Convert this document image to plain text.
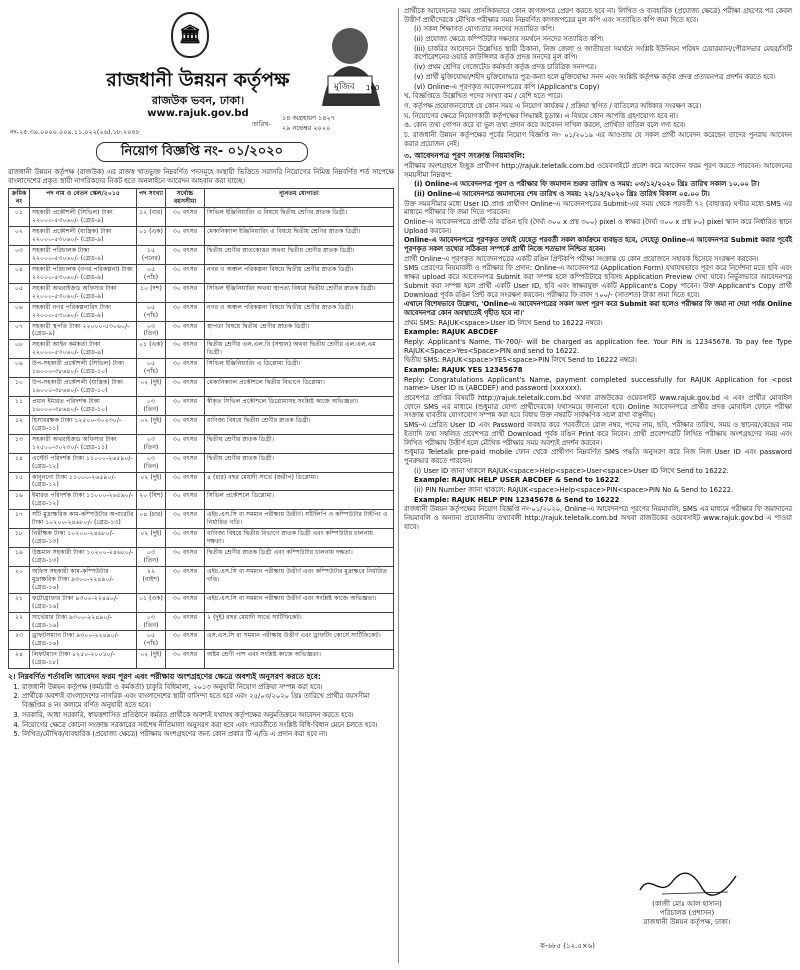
🏛
রাজধানী উন্নয়ন কর্তৃপক্ষ
রাজউক ভবন, ঢাকা।
www.rajuk.gov.bd
মুজিব 100
নং-২৫.৩৯.০০০০.০০৯.১১.০২২(২৬).১৮.২০৪৮
তারিখ-
১৪ অগ্রহায়ণ ১৪২৭
২৯ নভেম্বর ২০২০
নিয়োগ বিজ্ঞপ্তি নং- ০১/২০২০
রাজধানী উন্নয়ন কর্তৃপক্ষ (রাজউক) এর রাজস্ব খাতভুক্ত নিম্নবর্ণিত পদসমূহে অস্থায়ী ভিত্তিতে সরাসরি নিয়োগের নিমিত্ত নিম্নবর্ণিত শর্ত সাপেক্ষে বাংলাদেশের প্রকৃত স্থায়ী নাগরিকদের নিকট হতে অনলাইনে আবেদন আহবান করা যাচ্ছে।
ক্রমিক নং	পদ নাম ও বেতন স্কেল/২০১৫	পদ সংখ্যা	সর্বোচ্চ বয়সসীমা	ন্যূনতম যোগ্যতা
০১	সহকারী প্রকৌশলী (সিভিল) টাকা ২২০০০-৫৩০৬০/- (গ্রেড-৯)	১২ (বার)	৩০ বৎসর	সিভিল ইঞ্জিনিয়ারিং এ বিষয়ে দ্বিতীয় শ্রেণির স্নাতক ডিগ্রী।
০২	সহকারী প্রকৌশলী (যান্ত্রিক) টাকা ২২০০০-৫৩০৬০/- (গ্রেড-৯)	০১ (এক)	৩০ বৎসর	মেকানিক্যাল ইঞ্জিনিয়ারিং এ বিষয়ে দ্বিতীয় শ্রেণির স্নাতক ডিগ্রী।
০৩	সহকারী পরিচালক টাকা ২২০০০-৫৩০৬০/- (গ্রেড-৯)	১৫ (পনের)	৩০ বৎসর	দ্বিতীয় শ্রেণীর স্নাতকোত্তর অথবা দ্বিতীয় শ্রেণীর স্নাতক ডিগ্রী।
০৪	সহকারী পরিচালক (নগর পরিকল্পনা) টাকা ২২০০০-৫৩০৬০/- (গ্রেড-৯)	০৫ (পাঁচ)	৩০ বৎসর	নগর ও অঞ্চল পরিকল্পনা বিষয়ে দ্বিতীয় শ্রেণীর স্নাতক ডিগ্রী।
০৫	সহকারী অথরাইজড অফিসার টাকা ২২০০০-৫৩০৬০/- (গ্রেড-৯)	১০ (দশ)	৩০ বৎসর	সিভিল ইঞ্জিনিয়ারিং অথবা স্থাপত্য বিষয়ে দ্বিতীয় শ্রেণীর স্নাতক ডিগ্রী।
০৬	সহকারী নগর পরিকল্পনাবিদ টাকা ২২০০০-৫৩০৬০/- (গ্রেড-৯)	০৫ (পাঁচ)	৩০ বৎসর	নগর ও অঞ্চল পরিকল্পনা বিষয়ে দ্বিতীয় শ্রেণীর স্নাতক ডিগ্রী।
০৭	সহকারী স্থপতি টাকা ২২০০০-৫৩০৬০/- (গ্রেড-৯)	০৩ (তিন)	৩০ বৎসর	স্থাপত্য বিষয়ে দ্বিতীয় শ্রেণীর স্নাতক ডিগ্রী।
০৮	সহকারী আইন কর্মকর্তা টাকা ২২০০০-৫৩০৬০/- (গ্রেড-৯)	০১ (এক)	৩০ বৎসর	দ্বিতীয় শ্রেণীর এল.এল.বি (সম্মান) অথবা দ্বিতীয় শ্রেণীর এল.এল.এম ডিগ্রী।
০৯	উপ-সহকারী প্রকৌশলী (সিভিল) টাকা ১৬০০০-৩৮৬৪০/- (গ্রেড-১০)	০৫ (পাঁচ)	৩০ বৎসর	সিভিল ইঞ্জিনিয়ারিং এ ডিপ্লোমা ডিগ্রী।
১০	উপ-সহকারী প্রকৌশলী (যান্ত্রিক) টাকা ১৬০০০-৩৮৬৪০/- (গ্রেড-১০)	০২ (দুই)	৩০ বৎসর	মেকানিক্যাল প্রকৌশলে দ্বিতীয় বিভাগে ডিপ্লোমা।
১১	প্রধান ইমারত পরিদর্শক টাকা ১৬০০০-৩৮৬৪০/- (গ্রেড-১০)	০৩ (তিন)	৩০ বৎসর	স্বীকৃত সিভিল প্রকৌশলে ডিপ্লোমাসহ সংশ্লিষ্ট কাজে অভিজ্ঞতা।
১২	হিসাবরক্ষক টাকা ১২৫০০-৩০২৩০/- (গ্রেড-১১)	০২ (দুই)	৩০ বৎসর	বাণিজ্য বিষয়ে দ্বিতীয় শ্রেণীর স্নাতক ডিগ্রী।
১৩	সহকারী অথরাইজড অফিসার টাকা ১২৫০০-৩০২৩০/- (গ্রেড-১১)	০৩ (তিন)	৩০ বৎসর	দ্বিতীয় শ্রেণীর স্নাতক ডিগ্রী।
১৪	এস্টেট পরিদর্শক টাকা ১১০০০-২৬৫৯০/- (গ্রেড-১২)	০৩ (তিন)	৩০ বৎসর	দ্বিতীয় শ্রেণীর স্নাতক ডিগ্রী।
১৫	কানুনগো টাকা ১১০০০-২৬৫৯০/- (গ্রেড-১২)	০২ (দুই)	৩০ বৎসর	৪ (চার) বছর মেয়াদী সার্ভে (জরীপ) ডিপ্লোমা।
১৬	ইমারত পরিদর্শক টাকা ১১০০০-২৬৫৯০/- (গ্রেড-১২)	২০ (বিশ)	৩০ বৎসর	সিভিল প্রকৌশলে ডিপ্লোমা।
১৭	সাঁট মুদ্রাক্ষরিক কাম-কম্পিউটার অপারেটর টাকা ১০২০০-২৪৬৮০/- (গ্রেড-১৩)	০৪ (চার)	৩০ বৎসর	এইচ.এস.সি বা সমমান পরীক্ষায় উত্তীর্ণ। সাঁটলিপি ও কম্পিউটার টাইপিং এ নির্ধারিত গতি।
১৮	নিরীক্ষক টাকা ১০২০০-২৪৬৮০/- (গ্রেড-১৩)	০২ (দুই)	৩০ বৎসর	বাণিজ্য বিষয়ে দ্বিতীয় বিভাগে স্নাতক ডিগ্রী এবং কম্পিউটার চালনায় দক্ষতা।
১৯	উচ্চমান সহকারী টাকা ১০২০০-২৪৬৮০/- (গ্রেড-১৩)	০৩ (তিন)	৩০ বৎসর	দ্বিতীয় শ্রেণীর স্নাতক ডিগ্রী এবং কম্পিউটার চালনায় দক্ষতা।
২০	অফিস সহকারী কাম-কম্পিউটার মুদ্রাক্ষরিক টাকা ৯৩০০-২২৪৯০/- (গ্রেড-১৬)	২২ (বাইশ)	৩০ বৎসর	এইচ.এস.সি বা সমমান পরীক্ষায় উত্তীর্ণ এবং কম্পিউটার মুদ্রাক্ষরে নির্ধারিত গতি।
২১	ফটোগ্রাফার টাকা ৯৩০০-২২৪৯০/- (গ্রেড-১৬)	০১ (এক)	৩০ বৎসর	এইচ.এস.সি বা সমমান পরীক্ষায় উত্তীর্ণ এবং সংশ্লিষ্ট কাজে অভিজ্ঞতা।
২২	সার্ভেয়ার টাকা ৯৩০০-২২৪৯০/- (গ্রেড-১৬)	০৩ (তিন)	৩০ বৎসর	২ (দুই) বছর মেয়াদী সার্ভে সার্টিফিকেট।
২৩	ড্রাফটসম্যান টাকা ৯৩০০-২২৪৯০/- (গ্রেড-১৬)	০৫ (পাঁচ)	৩০ বৎসর	এস.এস.সি বা সমমান পরীক্ষায় উত্তীর্ণ এবং ড্রাফটিং কোর্সে সার্টিফিকেট।
২৪	লিফটম্যান টাকা ৮২৫০-২০০১০/- (গ্রেড-১৮)	০২ (দুই)	৩০ বৎসর	অষ্টম শ্রেণী পাশ এবং সংশ্লিষ্ট কাজে অভিজ্ঞতা।
২। নিম্নবর্ণিত শর্তাবলি আবেদন ফরম পূরণ এবং পরীক্ষায় অংশগ্রহণের ক্ষেত্রে অবশ্যই অনুসরণ করতে হবে:
1. রাজধানী উন্নয়ন কর্তৃপক্ষ (কর্মচারী ও কর্মকর্তা) চাকুরি বিধিমালা, ২০১৩ অনুযায়ী নিয়োগ প্রক্রিয়া সম্পন্ন করা হবে।
2. প্রার্থীকে অবশ্যই বাংলাদেশের নাগরিক এবং বাংলাদেশের স্থায়ী বাসিন্দা হতে হবে এবং ২৫/০৩/২০২০ খ্রিঃ তারিখে প্রার্থীর বয়সসীমা বিজ্ঞপ্তির ৪ নং কলামে বর্ণিত অনুযায়ী হতে হবে।
3. সরকারি, আধা সরকারি, স্বায়ত্তশাসিত প্রতিষ্ঠানে কর্মরত প্রার্থীকে অবশ্যই যথাযথ কর্তৃপক্ষের অনুমতিক্রমে আবেদন করতে হবে।
4. নিয়োগের ক্ষেত্রে কোনো সংক্রান্ত সরকারের সর্বশেষ নীতিমালা অনুসরণ করা হবে এবং পরবর্তীতে সংশ্লিষ্ট বিধি-বিধান মেনে চলতে হবে।
5. লিখিত/মৌখিক/ব্যবহারিক (প্রযোজ্য ক্ষেত্রে) পরীক্ষায় অংশগ্রহণের জন্য কোন প্রকার টি এ/ডি এ প্রদান করা হবে না।
প্রার্থীকে আবেদনের সময় প্রাসঙ্গিকভাবে কোন কাগজপত্র প্রেরণ করতে হবে না। লিখিত ও ব্যবহারিক (প্রযোজ্য ক্ষেত্রে) পরীক্ষা গ্রহণের পর কেবল উত্তীর্ণ প্রার্থীদেরকে মৌখিক পরীক্ষার সময় নিম্নবর্ণিত কাগজপত্রের মূল কপি এবং সত্যায়িত কপি জমা দিতে হবে।
(i) সকল শিক্ষাগত যোগ্যতার সনদের সত্যায়িত কপি।
(ii) প্রযোজ্য ক্ষেত্রে কম্পিউটার দক্ষতার সমর্থনে সনদের সত্যায়িত কপি।
(iii) চাকরির আবেদনে উল্লেখিত স্থায়ী ঠিকানা, নিজ জেলা ও জাতীয়তা সমর্থনে সংশ্লিষ্ট ইউনিয়ন পরিষদ চেয়ারম্যান/পৌরসভার মেয়র/সিটি কর্পোরেশনের ওয়ার্ড কাউন্সিলর কর্তৃক প্রদত্ত সনদের মূল কপি।
(iv) প্রথম শ্রেণির গেজেটেড কর্মকর্তা কর্তৃক প্রদত্ত চারিত্রিক সনদপত্র।
(v) প্রার্থী মুক্তিযোদ্ধা/শহীদ মুক্তিযোদ্ধার পুত্র-কন্যা হলে মুক্তিযোদ্ধা সনদ এবং সংশ্লিষ্ট কর্তৃপক্ষ কর্তৃক প্রদত্ত প্রত্যয়নপত্র প্রদর্শন করতে হবে।
(vi) Online-এ পূরণকৃত আবেদনপত্রের কপি (Applicant's Copy)
খ. বিজ্ঞপ্তিতে উল্লেখিত পদের সংখ্যা কম / বেশি হতে পারে।
গ. কর্তৃপক্ষ প্রয়োজনবোধে যে কোন সময় এ নিয়োগ কার্যক্রম / প্রক্রিয়া স্থগিত / বাতিলের অধিকার সংরক্ষণ করে।
ঘ. নিয়োগের ক্ষেত্রে নিয়োগকারী কর্তৃপক্ষের সিদ্ধান্তই চূড়ান্ত। এ বিষয়ে কোন আপত্তি গ্রহণযোগ্য হবে না।
ঙ. কোন তথ্য গোপন করে বা ভুল তথ্য প্রদান করে আবেদন দাখিল করলে, প্রার্থিতা বাতিল বলে গণ্য হবে।
চ. রাজধানী উন্নয়ন কর্তৃপক্ষের পূর্বের নিয়োগ বিজ্ঞপ্তি নং- ০১/২০১৯ এর আওতায় যে সকল প্রার্থী আবেদন করেছেন তাদের পুনরায় আবেদন করার প্রয়োজন নেই।
৩. আবেদনপত্র পূরণ সংক্রান্ত নিয়মাবলি:
পরীক্ষায় অংশগ্রহণে ইচ্ছুক প্রার্থীগণ http://rajuk.teletalk.com.bd ওয়েবসাইটে প্রবেশ করে আবেদন ফরম পূরণ করতে পারবেন। আবেদনের সময়সীমা নিম্নরূপ:
(i) Online-এ আবেদনপত্র পূরণ ও পরীক্ষার ফি জমাদান শুরুর তারিখ ও সময়: ০৩/১২/২০২০ খ্রিঃ তারিখ সকাল ১০.০০ টা।
(ii) Online-এ আবেদনপত্র জমাদানের শেষ তারিখ ও সময়: ২২/১২/২০২০ খ্রিঃ তারিখ বিকাল ০৫.০০ টা।
উক্ত সময়সীমার মধ্যে User ID প্রাপ্ত প্রার্থীগণ Online-এ আবেদনপত্রের Submit-এর সময় থেকে পরবর্তী ৭২ (বাহাত্তর) ঘণ্টার মধ্যে SMS এর মাধ্যমে পরীক্ষার ফি জমা দিতে পারবেন।
Online-এ আবেদনপত্রে প্রার্থী তাঁর রঙিন ছবি (দৈর্ঘ্য ৩০০ x প্রস্থ ৩০০) pixel ও স্বাক্ষর (দৈর্ঘ্য ৩০০ x প্রস্থ ৮০) pixel স্ক্যান করে নির্ধারিত স্থানে Upload করবেন।
Online-এ আবেদনপত্রে পূরণকৃত তথ্যই যেহেতু পরবর্তী সকল কার্যক্রমে ব্যবহৃত হবে, সেহেতু Online-এ আবেদনপত্র Submit করার পূর্বেই পূরণকৃত সকল তথ্যের সঠিকতা সম্পর্কে প্রার্থী নিজে শতভাগ নিশ্চিত হবেন।
প্রার্থী Online-এ পূরণকৃত আবেদনপত্রের একটি রঙিন প্রিন্টকপি পরীক্ষা সংক্রান্ত যে কোন প্রয়োজনে সহায়ক হিসেবে সংরক্ষণ করবেন।
SMS প্রেরণের নিয়মাবলী ও পরীক্ষার ফি প্রদান: Online-এ আবেদনপত্র (Application Form) যথাযথভাবে পূরণ করে নির্দেশনা মতে ছবি এবং স্বাক্ষর upload করে আবেদনপত্র Submit করা সম্পন্ন হলে কম্পিউটারে ছবিসহ Application Preview দেখা যাবে। নির্ভুলভাবে আবেদনপত্র Submit করা সম্পন্ন হলে প্রার্থী একটি User ID, ছবি এবং স্বাক্ষরযুক্ত একটি Applicant's Copy পাবেন। উক্ত Applicant's Copy প্রার্থী Download পূর্বক রঙিন প্রিন্ট করে সংরক্ষণ করবেন। পরীক্ষার ফি বাবদ ৭০০/- (সাতশত) টাকা জমা দিতে হবে।
এখানে বিশেষভাবে উল্লেখ্য, 'Online-এ আবেদনপত্রের সকল অংশ পূরণ করে Submit করা হলেও পরীক্ষার ফি জমা না দেয়া পর্যন্ত Online আবেদনপত্র কোন অবস্থাতেই গৃহীত হবে না।'
প্রথম SMS: RAJUK<space>User ID লিখে Send to 16222 নম্বরে।
Example: RAJUK ABCDEF
Reply: Applicant's Name, Tk-700/- will be charged as application fee. Your PIN is 12345678. To pay fee Type RAJUK<Space>Yes<Space>PIN and send to 16222.
দ্বিতীয় SMS: RAJUK<space>YES<space>PIN লিখে Send to 16222 নম্বরে।
Example: RAJUK YES 12345678
Reply: Congratulations Applicant's Name, payment completed successfully for RAJUK Application for <post name> User ID is (ABCDEF) and password (xxxxxx).
প্রবেশপত্র প্রাপ্তির বিষয়টি http://rajuk.teletalk.com.bd অথবা রাজউকের ওয়েবসাইট www.rajuk.gov.bd এ এবং প্রার্থীর মোবাইল ফোনে SMS এর মাধ্যমে (শুধুমাত্র যোগ্য প্রার্থীদেরকে) যথাসময়ে জানানো হবে। Online আবেদনপত্রে প্রার্থীর প্রদত্ত মোবাইল ফোনে পরীক্ষা সংক্রান্ত যাবতীয় যোগাযোগ সম্পন্ন করা হবে বিধায় উক্ত নম্বরটি সার্বক্ষণিক সচল রাখা বাঞ্ছনীয়।
SMS-এ প্রেরিত User ID এবং Password ব্যবহার করে পরবর্তীতে রোল নম্বর, পদের নাম, ছবি, পরীক্ষার তারিখ, সময় ও স্থানের/কেন্দ্রের নাম ইত্যাদি তথ্য সম্বলিত প্রবেশপত্র প্রার্থী Download পূর্বক রঙিন Print করে নিবেন। প্রার্থী প্রবেশপত্রটি লিখিত পরীক্ষায় অংশগ্রহণের সময় এবং লিখিত পরীক্ষায় উত্তীর্ণ হলে মৌখিক পরীক্ষার সময় অবশ্যই প্রদর্শন করবেন।
শুধুমাত্র Teletalk pre-paid mobile ফোন থেকে প্রার্থীগণ নিম্নবর্ণিত SMS পদ্ধতি অনুসরণ করে নিজ নিজ User ID এবং password পুনরুদ্ধার করতে পারবেন।
(i) User ID জানা থাকলে RAJUK<space>Help<space>User<space>User ID লিখে Send to 16222.
Example: RAJUK HELP USER ABCDEF & Send to 16222
(ii) PIN Number জানা থাকলে: RAJUK<space>Help<space>PIN<space>PIN No & Send to 16222.
Example: RAJUK HELP PIN 12345678 & Send to 16222
রাজধানী উন্নয়ন কর্তৃপক্ষের নিয়োগ বিজ্ঞপ্তি নং-০১/২০২০, Online-এ আবেদনপত্র পূরণের নিয়মাবলি, SMS এর মাধ্যমে পরীক্ষার ফি জমাদানের নিয়মাবলি ও অন্যান্য প্রয়োজনীয় তথ্যাবলী http://rajuk.teletalk.com.bd অথবা রাজউকের ওয়েবসাইট www.rajuk.gov.bd এ পাওয়া যাবে।
(কাজী মোঃ আল হাসান)
পরিচালক (প্রশাসন)
রাজধানী উন্নয়ন কর্তৃপক্ষ, ঢাকা।
ক-৬৮৫ (১২.৫×৬)
